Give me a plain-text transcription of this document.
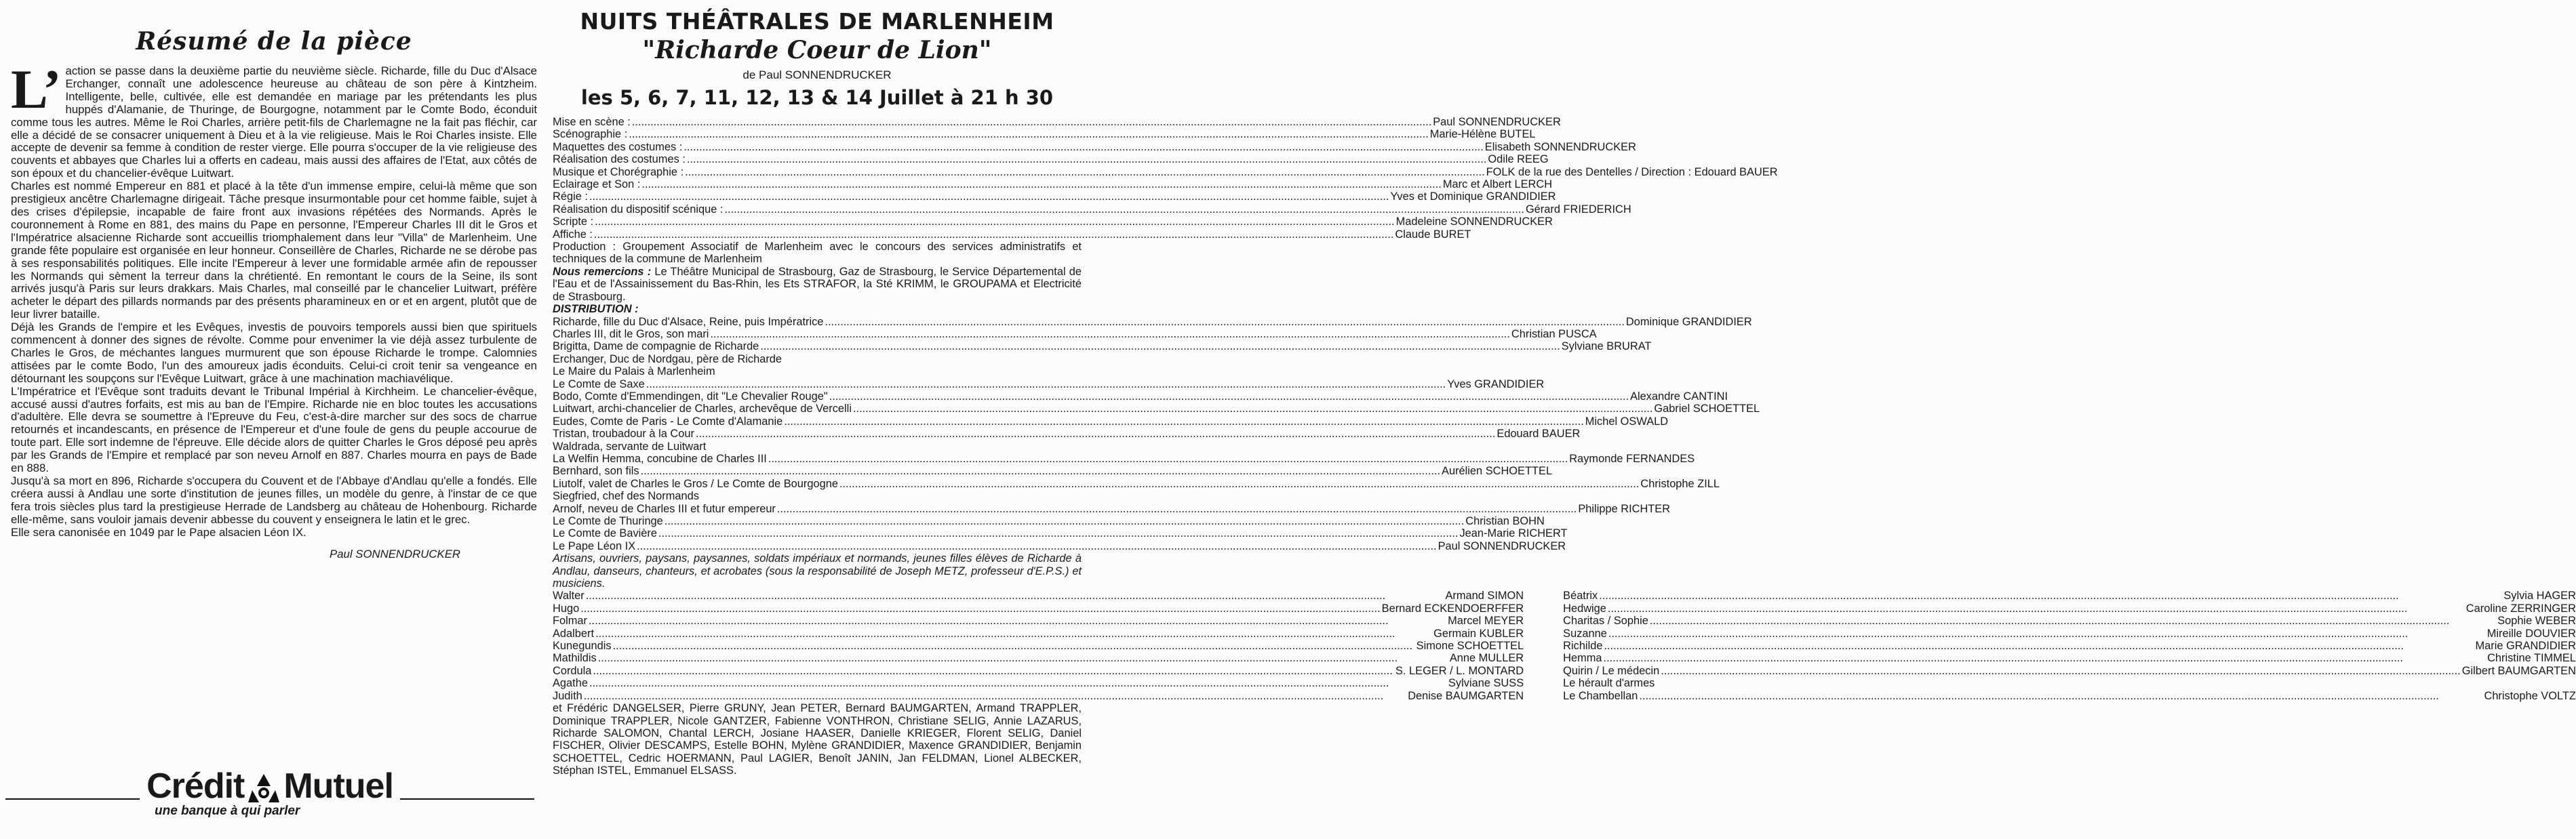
Résumé de la pièce

L’ action se passe dans la deuxième partie du neuvième siècle. Richarde, fille du Duc d'Alsace Erchanger, connaît une adolescence heureuse au château de son père à Kintzheim. Intelligente, belle, cultivée, elle est demandée en mariage par les prétendants les plus huppés d'Alamanie, de Thuringe, de Bourgogne, notamment par le Comte Bodo, éconduit comme tous les autres. Même le Roi Charles, arrière petit-fils de Charlemagne ne la fait pas fléchir, car elle a décidé de se consacrer uniquement à Dieu et à la vie religieuse. Mais le Roi Charles insiste. Elle accepte de devenir sa femme à condition de rester vierge. Elle pourra s'occuper de la vie religieuse des couvents et abbayes que Charles lui a offerts en cadeau, mais aussi des affaires de l'Etat, aux côtés de son époux et du chancelier-évêque Luitwart.

Charles est nommé Empereur en 881 et placé à la tête d'un immense empire, celui-là même que son prestigieux ancêtre Charlemagne dirigeait. Tâche presque insurmontable pour cet homme faible, sujet à des crises d'épilepsie, incapable de faire front aux invasions répétées des Normands. Après le couronnement à Rome en 881, des mains du Pape en personne, l'Empereur Charles III dit le Gros et l'Impératrice alsacienne Richarde sont accueillis triomphalement dans leur "Villa" de Marlenheim. Une grande fête populaire est organisée en leur honneur. Conseillère de Charles, Richarde ne se dérobe pas à ses responsabilités politiques. Elle incite l'Empereur à lever une formidable armée afin de repousser les Normands qui sèment la terreur dans la chrétienté. En remontant le cours de la Seine, ils sont arrivés jusqu'à Paris sur leurs drakkars. Mais Charles, mal conseillé par le chancelier Luitwart, préfère acheter le départ des pillards normands par des présents pharamineux en or et en argent, plutôt que de leur livrer bataille.

Déjà les Grands de l'empire et les Evêques, investis de pouvoirs temporels aussi bien que spirituels commencent à donner des signes de révolte. Comme pour envenimer la vie déjà assez turbulente de Charles le Gros, de méchantes langues murmurent que son épouse Richarde le trompe. Calomnies attisées par le comte Bodo, l'un des amoureux jadis éconduits. Celui-ci croit tenir sa vengeance en détournant les soupçons sur l'Evêque Luitwart, grâce à une machination machiavélique.

L'Impératrice et l'Evêque sont traduits devant le Tribunal Impérial à Kirchheim. Le chancelier-évêque, accusé aussi d'autres forfaits, est mis au ban de l'Empire. Richarde nie en bloc toutes les accusations d'adultère. Elle devra se soumettre à l'Epreuve du Feu, c'est-à-dire marcher sur des socs de charrue retournés et incandescants, en présence de l'Empereur et d'une foule de gens du peuple accourue de toute part. Elle sort indemne de l'épreuve. Elle décide alors de quitter Charles le Gros déposé peu après par les Grands de l'Empire et remplacé par son neveu Arnolf en 887. Charles mourra en pays de Bade en 888.

Jusqu'à sa mort en 896, Richarde s'occupera du Couvent et de l'Abbaye d'Andlau qu'elle a fondés. Elle créera aussi à Andlau une sorte d'institution de jeunes filles, un modèle du genre, à l'instar de ce que fera trois siècles plus tard la prestigieuse Herrade de Landsberg au château de Hohenbourg. Richarde elle-même, sans vouloir jamais devenir abbesse du couvent y enseignera le latin et le grec.

Elle sera canonisée en 1049 par le Pape alsacien Léon IX.

Paul SONNENDRUCKER
Crédit Mutuel
une banque à qui parler
NUITS THÉÂTRALES DE MARLENHEIM
"Richarde Coeur de Lion"
de Paul SONNENDRUCKER
les 5, 6, 7, 11, 12, 13 & 14 Juillet à 21 h 30
Mise en scène : .....	Paul SONNENDRUCKER
Scénographie : .....	Marie-Hélène BUTEL
Maquettes des costumes : .....	Elisabeth SONNENDRUCKER
Réalisation des costumes : .....	Odile REEG
Musique et Chorégraphie : .....	FOLK de la rue des Dentelles / Direction : Edouard BAUER
Eclairage et Son : .....	Marc et Albert LERCH
Régie : .....	Yves et Dominique GRANDIDIER
Réalisation du dispositif scénique : .....	Gérard FRIEDERICH
Scripte : .....	Madeleine SONNENDRUCKER
Affiche : .....	Claude BURET
Production : Groupement Associatif de Marlenheim avec le concours des services administratifs et techniques de la commune de Marlenheim
Nous remercions : Le Théâtre Municipal de Strasbourg, Gaz de Strasbourg, le Service Départemental de l'Eau et de l'Assainissement du Bas-Rhin, les Ets STRAFOR, la Sté KRIMM, le GROUPAMA et Electricité de Strasbourg.
DISTRIBUTION :
Richarde, fille du Duc d'Alsace, Reine, puis Impératrice .....	Dominique GRANDIDIER
Charles III, dit le Gros, son mari .....	Christian PUSCA
Brigitta, Dame de compagnie de Richarde .....	Sylviane BRURAT
Erchanger, Duc de Nordgau, père de Richarde
Le Maire du Palais à Marlenheim
Le Comte de Saxe .....	Yves GRANDIDIER
Bodo, Comte d'Emmendingen, dit "Le Chevalier Rouge" .....	Alexandre CANTINI
Luitwart, archi-chancelier de Charles, archevêque de Vercelli .....	Gabriel SCHOETTEL
Eudes, Comte de Paris - Le Comte d'Alamanie .....	Michel OSWALD
Tristan, troubadour à la Cour .....	Edouard BAUER
Waldrada, servante de Luitwart
La Welfin Hemma, concubine de Charles III .....	Raymonde FERNANDES
Bernhard, son fils .....	Aurélien SCHOETTEL
Liutolf, valet de Charles le Gros / Le Comte de Bourgogne .....	Christophe ZILL
Siegfried, chef des Normands
Arnolf, neveu de Charles III et futur empereur .....	Philippe RICHTER
Le Comte de Thuringe .....	Christian BOHN
Le Comte de Bavière .....	Jean-Marie RICHERT
Le Pape Léon IX .....	Paul SONNENDRUCKER
Artisans, ouvriers, paysans, paysannes, soldats impériaux et normands, jeunes filles élèves de Richarde à Andlau, danseurs, chanteurs, et acrobates (sous la responsabilité de Joseph METZ, professeur d'E.P.S.) et musiciens.
Walter .....	Armand SIMON
Hugo .....	Bernard ECKENDOERFFER
Folmar .....	Marcel MEYER
Adalbert .....	Germain KUBLER
Kunegundis .....	Simone SCHOETTEL
Mathildis .....	Anne MULLER
Cordula .....	S. LEGER / L. MONTARD
Agathe .....	Sylviane SUSS
Judith .....	Denise BAUMGARTEN
Béatrix .....	Sylvia HAGER
Hedwige .....	Caroline ZERRINGER
Charitas / Sophie .....	Sophie WEBER
Suzanne .....	Mireille DOUVIER
Richilde .....	Marie GRANDIDIER
Hemma .....	Christine TIMMEL
Quirin / Le médecin .....	Gilbert BAUMGARTEN
Le hérault d'armes
Le Chambellan .....	Christophe VOLTZ
et Frédéric DANGELSER, Pierre GRUNY, Jean PETER, Bernard BAUMGARTEN, Armand TRAPPLER, Dominique TRAPPLER, Nicole GANTZER, Fabienne VONTHRON, Christiane SELIG, Annie LAZARUS, Richarde SALOMON, Chantal LERCH, Josiane HAASER, Danielle KRIEGER, Florent SELIG, Daniel FISCHER, Olivier DESCAMPS, Estelle BOHN, Mylène GRANDIDIER, Maxence GRANDIDIER, Benjamin SCHOETTEL, Cedric HOERMANN, Paul LAGIER, Benoît JANIN, Jan FELDMAN, Lionel ALBECKER, Stéphan ISTEL, Emmanuel ELSASS.
